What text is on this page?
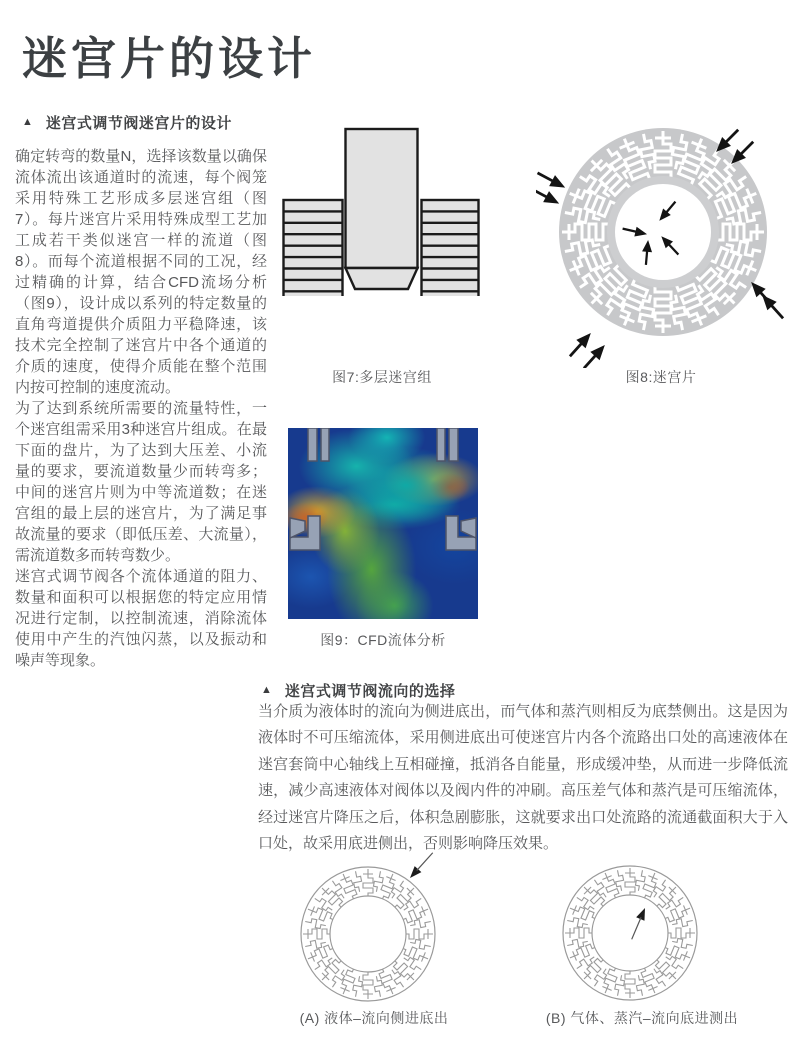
迷宫片的设计
▲ 迷宫式调节阀迷宫片的设计

确定转弯的数量N，选择该数量以确保流体流出该通道时的流速，每个阀笼采用特殊工艺形成多层迷宫组（图7）。每片迷宫片采用特殊成型工艺加工成若干类似迷宫一样的流道（图8）。而每个流道根据不同的工况，经过精确的计算，结合CFD流场分析（图9），设计成以系列的特定数量的直角弯道提供介质阻力平稳降速，该技术完全控制了迷宫片中各个通道的介质的速度，使得介质能在整个范围内按可控制的速度流动。

为了达到系统所需要的流量特性，一个迷宫组需采用3种迷宫片组成。在最下面的盘片，为了达到大压差、小流量的要求，要流道数量少而转弯多；中间的迷宫片则为中等流道数；在迷宫组的最上层的迷宫片，为了满足事故流量的要求（即低压差、大流量），需流道数多而转弯数少。

迷宫式调节阀各个流体通道的阻力、数量和面积可以根据您的特定应用情况进行定制，以控制流速，消除流体使用中产生的汽蚀闪蒸，以及振动和噪声等现象。

图7:多层迷宫组	图8:迷宫片
图9：CFD流体分析
▲ 迷宫式调节阀流向的选择
当介质为液体时的流向为侧进底出，而气体和蒸汽则相反为底禁侧出。这是因为液体时不可压缩流体，采用侧进底出可使迷宫片内各个流路出口处的高速液体在迷宫套筒中心轴线上互相碰撞，抵消各自能量，形成缓冲垫，从而进一步降低流速，减少高速液体对阀体以及阀内件的冲刷。高压差气体和蒸汽是可压缩流体，经过迷宫片降压之后，体积急剧膨胀，这就要求出口处流路的流通截面积大于入口处，故采用底进侧出，否则影响降压效果。
(A) 液体–流向侧进底出	(B) 气体、蒸汽–流向底进测出
